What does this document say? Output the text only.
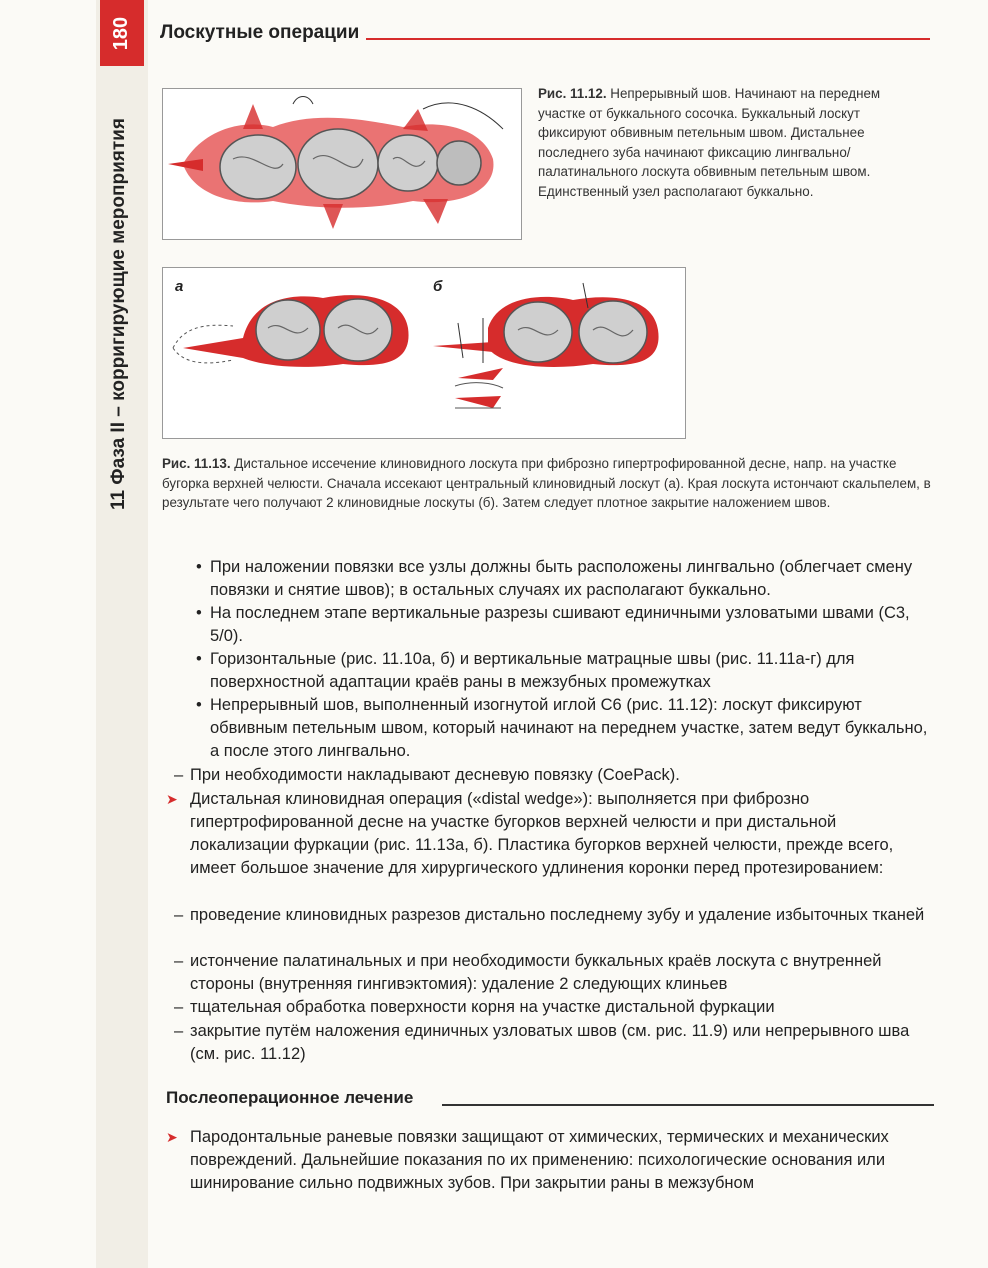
180
11 Фаза II – корригирующие мероприятия
Лоскутные операции
Рис. 11.12. Непрерывный шов. Начинают на переднем участке от буккального сосочка. Буккальный лоскут фиксируют обвивным петельным швом. Дистальнее последнего зуба начинают фиксацию лингвально/палатинального лоскута обвивным петельным швом. Единственный узел располагают буккально.
а	б
Рис. 11.13. Дистальное иссечение клиновидного лоскута при фиброзно гипертрофированной десне, напр. на участке бугорка верхней челюсти. Сначала иссекают центральный клиновидный лоскут (а). Края лоскута истончают скальпелем, в результате чего получают 2 клиновидные лоскуты (б). Затем следует плотное закрытие наложением швов.
• При наложении повязки все узлы должны быть расположены лингвально (облегчает смену повязки и снятие швов); в остальных случаях их располагают буккально.
• На последнем этапе вертикальные разрезы сшивают единичными узловатыми швами (С3, 5/0).
• Горизонтальные (рис. 11.10а, б) и вертикальные матрацные швы (рис. 11.11а-г) для поверхностной адаптации краёв раны в межзубных промежутках
• Непрерывный шов, выполненный изогнутой иглой С6 (рис. 11.12): лоскут фиксируют обвивным петельным швом, который начинают на переднем участке, затем ведут буккально, а после этого лингвально.
– При необходимости накладывают десневую повязку (CoePack).
➤ Дистальная клиновидная операция («distal wedge»): выполняется при фиброзно гипертрофированной десне на участке бугорков верхней челюсти и при дистальной локализации фуркации (рис. 11.13а, б). Пластика бугорков верхней челюсти, прежде всего, имеет большое значение для хирургического удлинения коронки перед протезированием:
– проведение клиновидных разрезов дистально последнему зубу и удаление избыточных тканей
– истончение палатинальных и при необходимости буккальных краёв лоскута с внутренней стороны (внутренняя гингивэктомия): удаление 2 следующих клиньев
– тщательная обработка поверхности корня на участке дистальной фуркации
– закрытие путём наложения единичных узловатых швов (см. рис. 11.9) или непрерывного шва (см. рис. 11.12)
Послеоперационное лечение
➤ Пародонтальные раневые повязки защищают от химических, термических и механических повреждений. Дальнейшие показания по их применению: психологические основания или шинирование сильно подвижных зубов. При закрытии раны в межзубном
